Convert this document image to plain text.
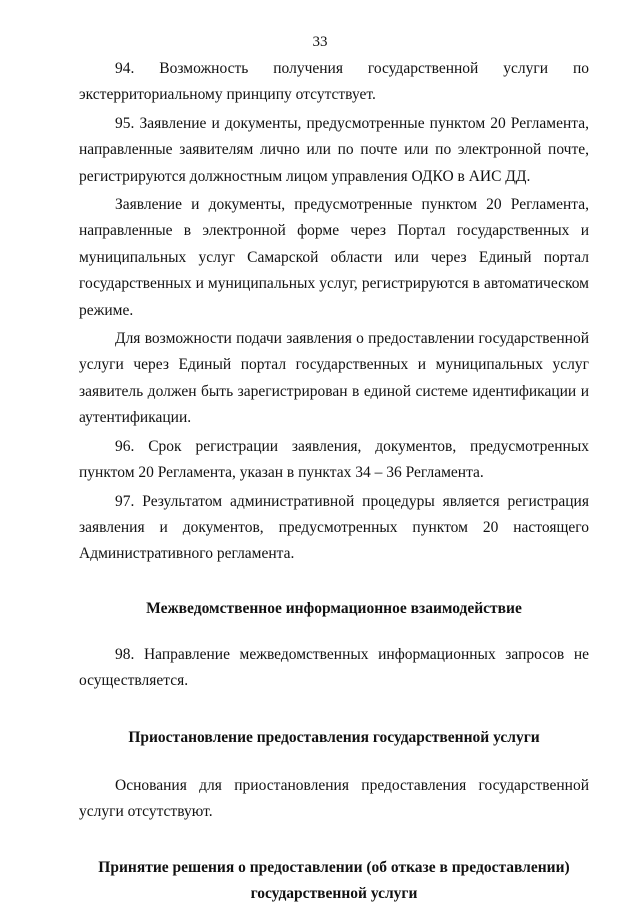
33

94. Возможность получения государственной услуги по экстерриториальному принципу отсутствует.

95. Заявление и документы, предусмотренные пунктом 20 Регламента, направленные заявителям лично или по почте или по электронной почте, регистрируются должностным лицом управления ОДКО в АИС ДД.

Заявление и документы, предусмотренные пунктом 20 Регламента, направленные в электронной форме через Портал государственных и муниципальных услуг Самарской области или через Единый портал государственных и муниципальных услуг, регистрируются в автоматическом режиме.

Для возможности подачи заявления о предоставлении государственной услуги через Единый портал государственных и муниципальных услуг заявитель должен быть зарегистрирован в единой системе идентификации и аутентификации.

96. Срок регистрации заявления, документов, предусмотренных пунктом 20 Регламента, указан в пунктах 34 – 36 Регламента.

97. Результатом административной процедуры является регистрация заявления и документов, предусмотренных пунктом 20 настоящего Административного регламента.

Межведомственное информационное взаимодействие

98. Направление межведомственных информационных запросов не осуществляется.

Приостановление предоставления государственной услуги

Основания для приостановления предоставления государственной услуги отсутствуют.

Принятие решения о предоставлении (об отказе в предоставлении)
государственной услуги
